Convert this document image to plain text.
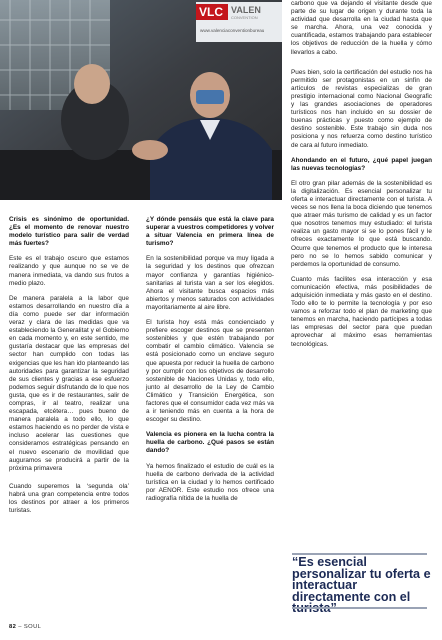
VLC VALEN
CONVENTION
www.valenciaconventionbureau

Crisis es sinónimo de oportunidad. ¿Es el momento de renovar nuestro modelo turístico para salir de verdad más fuertes?

Este es el trabajo oscuro que estamos realizando y que aunque no se ve de manera inmediata, va dando sus frutos a medio plazo.

De manera paralela a la labor que estamos desarrollando en nuestro día a día como puede ser dar información veraz y clara de las medidas que va estableciendo la Generalitat y el Gobierno en cada momento y, en este sentido, me gustaría destacar que las empresas del sector han cumplido con todas las exigencias que les han ido planteando las autoridades para garantizar la seguridad de sus clientes y gracias a ese esfuerzo podemos seguir disfrutando de lo que nos gusta, que es ir de restaurantes, salir de compras, ir al teatro, realizar una escapada, etcétera… pues bueno de manera paralela a todo ello, lo que estamos haciendo es no perder de vista e incluso acelerar las cuestiones que consideramos estratégicas pensando en el nuevo escenario de movilidad que auguramos se producirá a partir de la próxima primavera

Cuando superemos la ‘segunda ola’ habrá una gran competencia entre todos los destinos por atraer a los primeros turistas.

¿Y dónde pensáis que está la clave para superar a vuestros competidores y volver a situar Valencia en primera línea de turismo?

En la sostenibilidad porque va muy ligada a la seguridad y los destinos que ofrezcan mayor confianza y garantías higiénico-sanitarias al turista van a ser los elegidos. Ahora el visitante busca espacios más abiertos y menos saturados con actividades mayoritariamente al aire libre.

El turista hoy está más concienciado y prefiere escoger destinos que se presenten sostenibles y que estén trabajando por combatir el cambio climático. Valencia se está posicionado como un enclave seguro que apuesta por reducir la huella de carbono y por cumplir con los objetivos de desarrollo sostenible de Naciones Unidas y, todo ello, junto al desarrollo de la Ley de Cambio Climático y Transición Energética, son factores que el consumidor cada vez más va a ir teniendo más en cuenta a la hora de escoger su destino.

Valencia es pionera en la lucha contra la huella de carbono. ¿Qué pasos se están dando?

Ya hemos finalizado el estudio de cuál es la huella de carbono derivada de la actividad turística en la ciudad y lo hemos certificado por AENOR. Este estudio nos ofrece una radiografía nítida de la huella de

carbono que va dejando el visitante desde que parte de su lugar de origen y durante toda la actividad que desarrolla en la ciudad hasta que se marcha. Ahora, una vez conocida y cuantificada, estamos trabajando para establecer los objetivos de reducción de la huella y cómo llevarlos a cabo.

Pues bien, solo la certificación del estudio nos ha permitido ser protagonistas en un sinfín de artículos de revistas especializas de gran prestigio internacional como Nacional Geografic y las grandes asociaciones de operadores turísticos nos han incluido en su dossier de buenas prácticas y puesto como ejemplo de destino sostenible. Este trabajo sin duda nos posiciona y nos refuerza como destino turístico de cara al futuro inmediato.

Ahondando en el futuro, ¿qué papel juegan las nuevas tecnologías?

El otro gran pilar además de la sostenibilidad es la digitalización. Es esencial personalizar tu oferta e interactuar directamente con el turista. A veces se nos llena la boca diciendo que tenemos que atraer más turismo de calidad y es un factor que nosotros tenemos muy estudiado: el turista realiza un gasto mayor si se lo pones fácil y le ofreces exactamente lo que está buscando. Ocurre que tenemos el producto que le interesa pero no se lo hemos sabido comunicar y perdemos la oportunidad de consumo.

Cuanto más facilites esa interacción y esa comunicación efectiva, más posibilidades de adquisición inmediata y más gasto en el destino. Todo ello te lo permite la tecnología y por eso vamos a reforzar todo el plan de marketing que tenemos en marcha, haciendo partícipes a todas las empresas del sector para que puedan aprovechar al máximo esas herramientas tecnológicas.

“Es esencial personalizar tu oferta e interactuar directamente con el
82 – SOUL
